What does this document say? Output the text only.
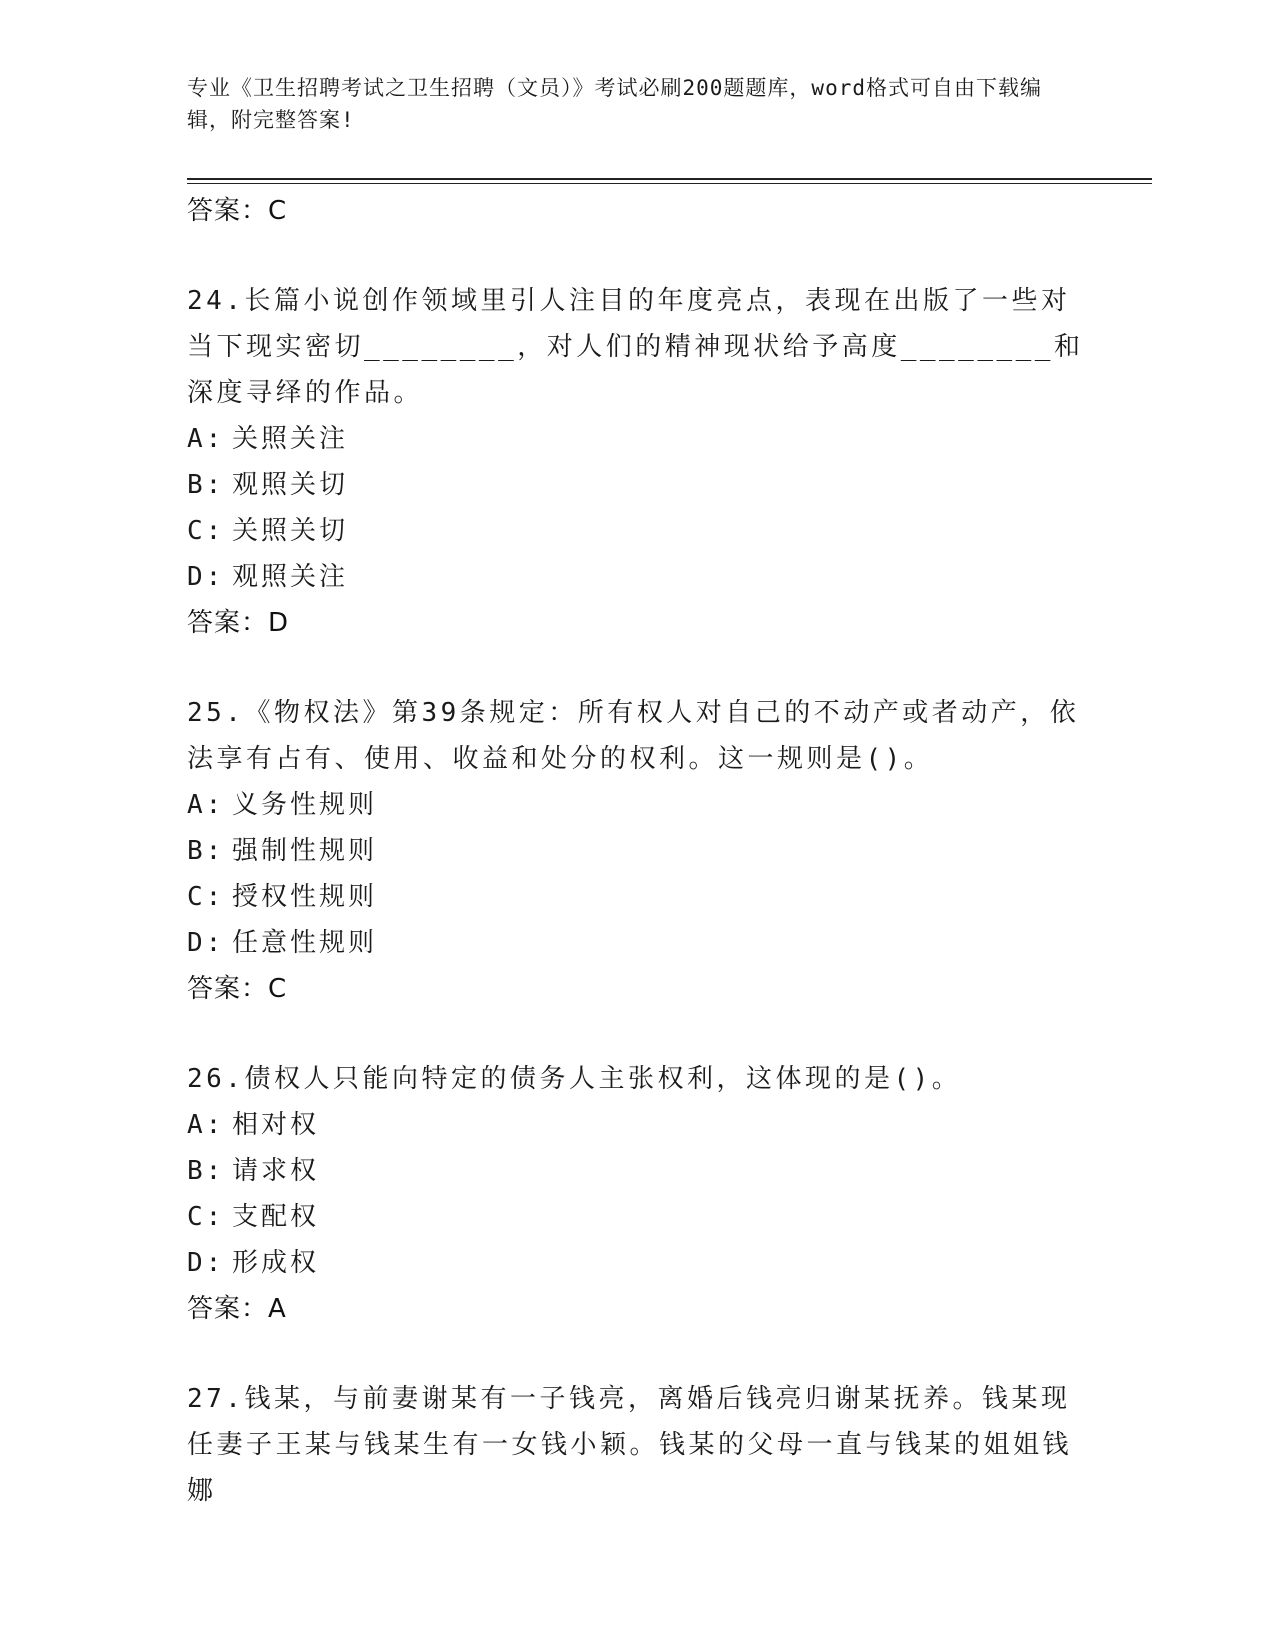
专业《卫生招聘考试之卫生招聘（文员）》考试必刷200题题库，word格式可自由下载编辑，附完整答案!
答案：C
24.长篇小说创作领域里引人注目的年度亮点，表现在出版了一些对当下现实密切________，对人们的精神现状给予高度________和深度寻绎的作品。
A: 关照关注
B: 观照关切
C: 关照关切
D: 观照关注
答案：D
25.《物权法》第39条规定：所有权人对自己的不动产或者动产，依法享有占有、使用、收益和处分的权利。这一规则是()。
A: 义务性规则
B: 强制性规则
C: 授权性规则
D: 任意性规则
答案：C
26.债权人只能向特定的债务人主张权利，这体现的是()。
A: 相对权
B: 请求权
C: 支配权
D: 形成权
答案：A
27.钱某，与前妻谢某有一子钱亮，离婚后钱亮归谢某抚养。钱某现任妻子王某与钱某生有一女钱小颖。钱某的父母一直与钱某的姐姐钱娜
